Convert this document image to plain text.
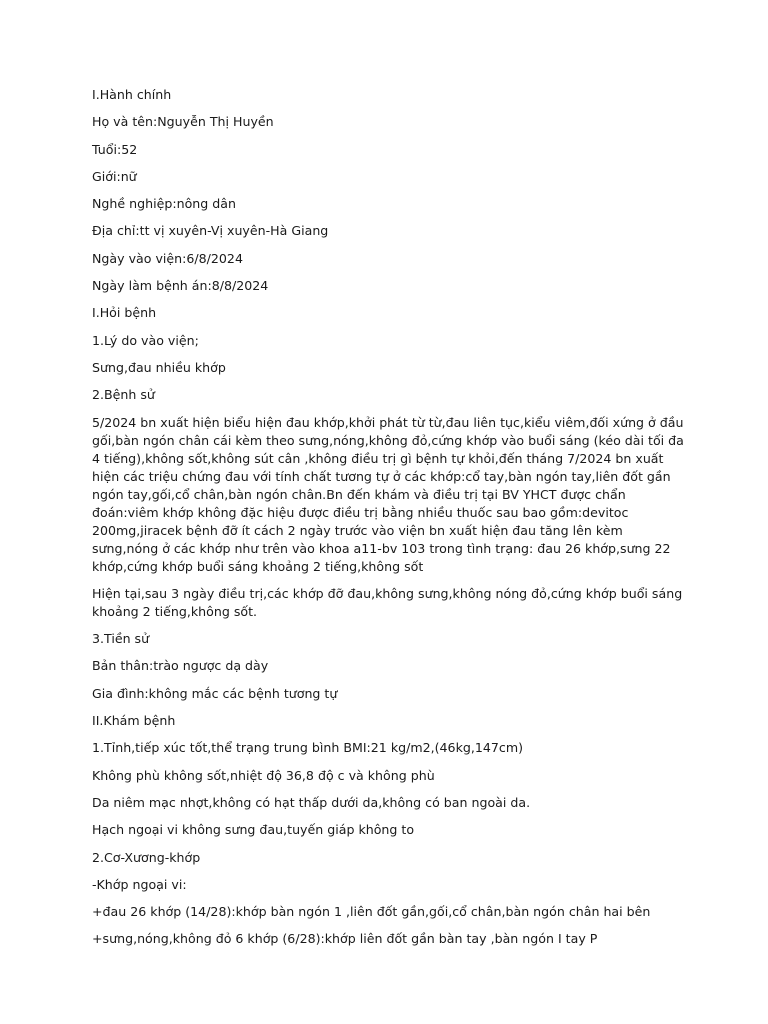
I.Hành chính

Họ và tên:Nguyễn Thị Huyền

Tuổi:52

Giới:nữ

Nghề nghiệp:nông dân

Địa chỉ:tt vị xuyên-Vị xuyên-Hà Giang

Ngày vào viện:6/8/2024

Ngày làm bệnh án:8/8/2024

I.Hỏi bệnh

1.Lý do vào viện;

Sưng,đau nhiều khớp

2.Bệnh sử

5/2024 bn xuất hiện biểu hiện đau khớp,khởi phát từ từ,đau liên tục,kiểu viêm,đối xứng ở đầu gối,bàn ngón chân cái kèm theo sưng,nóng,không đỏ,cứng khớp vào buổi sáng (kéo dài tối đa 4 tiếng),không sốt,không sút cân ,không điều trị gì bệnh tự khỏi,đến tháng 7/2024 bn xuất hiện các triệu chứng đau với tính chất tương tự ở các khớp:cổ tay,bàn ngón tay,liên đốt gần ngón tay,gối,cổ chân,bàn ngón chân.Bn đến khám và điều trị tại BV YHCT được chẩn đoán:viêm khớp không đặc hiệu được điều trị bằng nhiều thuốc sau bao gồm:devitoc 200mg,jiracek bệnh đỡ ít cách 2 ngày trước vào viện bn xuất hiện đau tăng lên kèm sưng,nóng ở các khớp như trên vào khoa a11-bv 103 trong tình trạng: đau 26 khớp,sưng 22 khớp,cứng khớp buổi sáng khoảng 2 tiếng,không sốt

Hiện tại,sau 3 ngày điều trị,các khớp đỡ đau,không sưng,không nóng đỏ,cứng khớp buổi sáng khoảng 2 tiếng,không sốt.

3.Tiền sử

Bản thân:trào ngược dạ dày

Gia đình:không mắc các bệnh tương tự

II.Khám bệnh

1.Tỉnh,tiếp xúc tốt,thể trạng trung bình BMI:21 kg/m2,(46kg,147cm)

Không phù không sốt,nhiệt độ 36,8 độ c và không phù

Da niêm mạc nhợt,không có hạt thấp dưới da,không có ban ngoài da.

Hạch ngoại vi không sưng đau,tuyến giáp không to

2.Cơ-Xương-khớp

-Khớp ngoại vi:

+đau 26 khớp (14/28):khớp bàn ngón 1 ,liên đốt gần,gối,cổ chân,bàn ngón chân hai bên

+sưng,nóng,không đỏ 6 khớp (6/28):khớp liên đốt gần bàn tay ,bàn ngón I tay P
